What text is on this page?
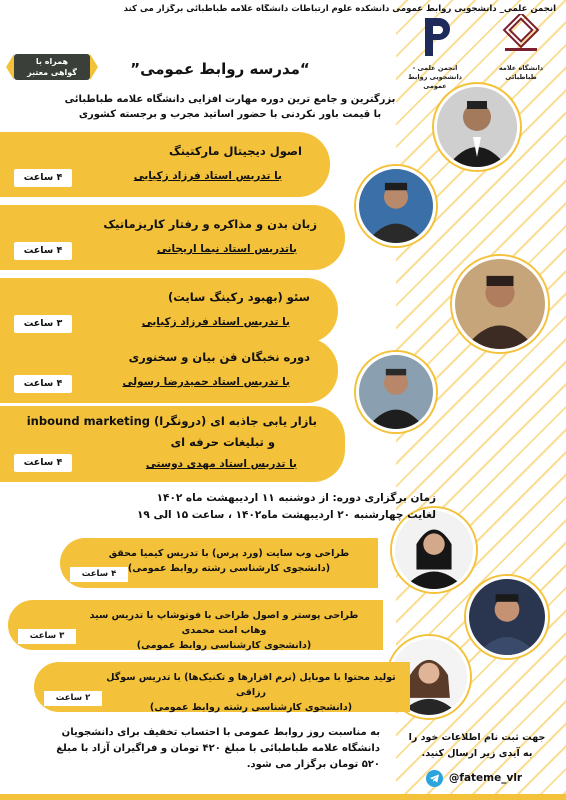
انجمن علمی_ دانشجویی روابط عمومی دانشکده علوم ارتباطات دانشگاه علامه طباطبائی برگزار می کند
دانشگاه علامه طباطبائی
انجمن علمی - دانشجویی روابط عمومی
همراه با
گواهی معتبر	“مدرسه روابط عمومی”
بزرگترین و جامع ترین دوره مهارت افزایی دانشگاه علامه طباطبائی
با قیمت باور نکردنی با حضور اساتید مجرب و برجسته کشوری
اصول دیجیتال مارکتینگ
با تدریس استاد فرزاد زکیایی
۴ ساعت
زبان بدن و مذاکره و رفتار کاریزماتیک
باتدریس استاد نیما اریجانی
۴ ساعت
سئو (بهبود رکینگ سایت)
با تدریس استاد فرزاد زکیایی
۳ ساعت
دوره نخبگان فن بیان و سخنوری
با تدریس استاد حمیدرضا رسولی
۴ ساعت
بازار یابی جاذبه ای (درونگرا) inbound marketing
و تبلیغات حرفه ای
با تدریس استاد مهدی دوستی
۴ ساعت
زمان برگزاری دوره: از دوشنبه ۱۱ اردیبهشت ماه ۱۴۰۲
لغایت چهارشنبه ۲۰ اردیبهشت ماه۱۴۰۲ ، ساعت ۱۵ الی ۱۹
طراحی وب سایت (ورد پرس) با تدریس کیمیا محقق
(دانشجوی کارشناسی رشته روابط عمومی)
۴ ساعت
طراحی پوستر و اصول طراحی با فوتوشاپ با تدریس سید وهاب امت محمدی
(دانشجوی کارشناسی روابط عمومی)
۳ ساعت
تولید محتوا با موبایل (نرم افزارها و تکنیک‌ها) با تدریس سوگل رزاقی
(دانشجوی کارشناسی رشته روابط عمومی)
۲ ساعت
به مناسبت روز روابط عمومی با احتساب تخفیف برای دانشجویان
دانشگاه علامه طباطبائی با مبلغ ۴۲۰ تومان و فراگیران آزاد با مبلغ
۵۲۰ تومان برگزار می شود.
جهت ثبت نام اطلاعات خود را
به آیدی زیر ارسال کنید.
@fateme_vlr
